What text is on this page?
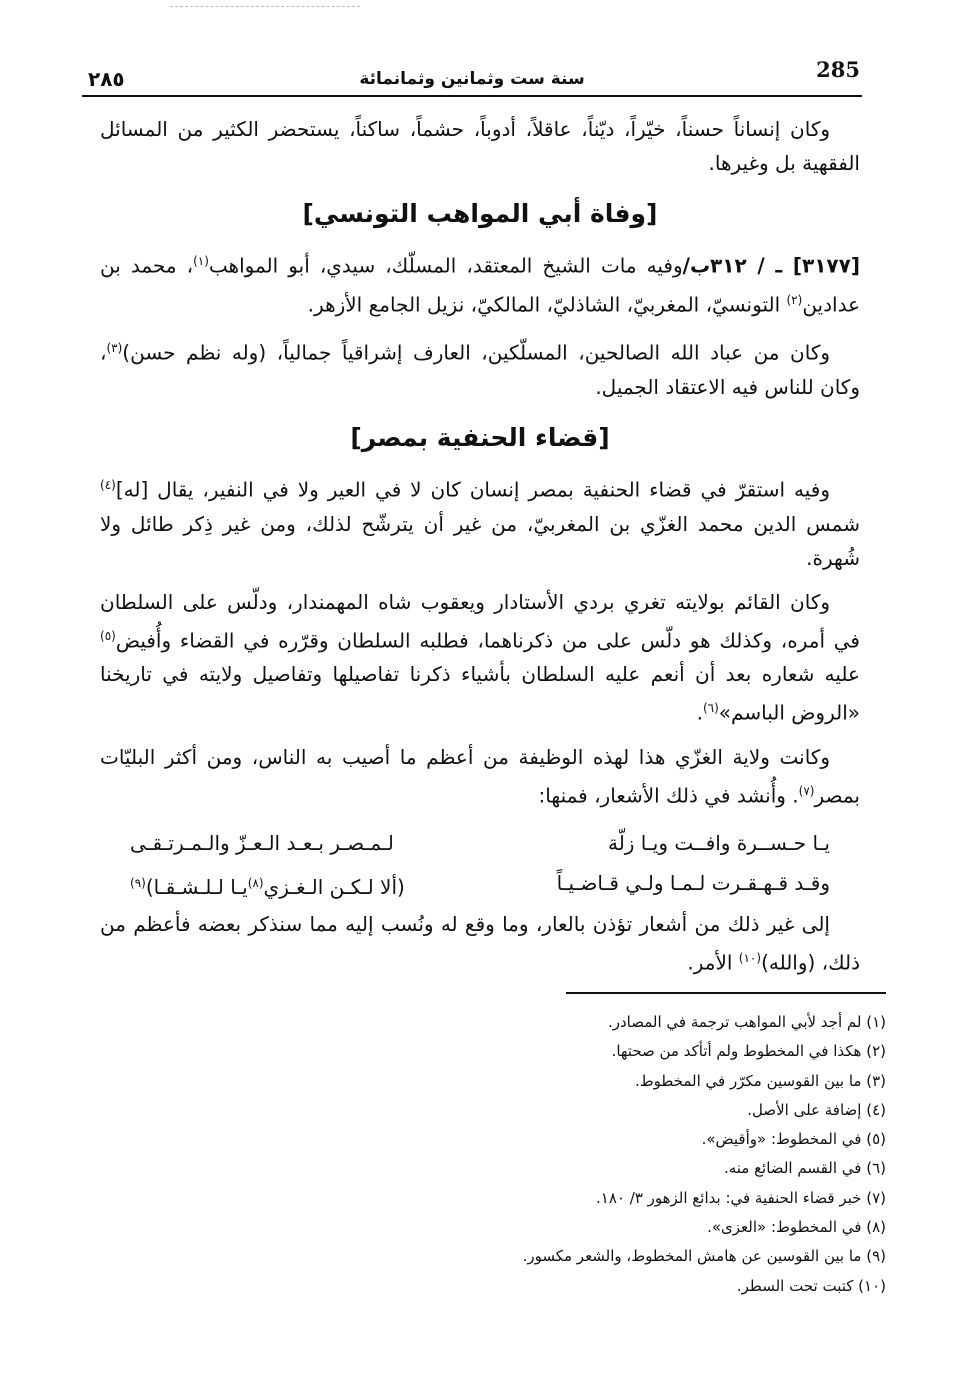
285
سنة ست وثمانين وثمانمائة
٢٨٥

وكان إنساناً حسناً، خيّراً، ديّناً، عاقلاً، أدوباً، حشماً، ساكناً، يستحضر الكثير من المسائل الفقهية بل وغيرها.

[وفاة أبي المواهب التونسي]

[٣١٧٧] ـ / ٣١٢ب/وفيه مات الشيخ المعتقد، المسلّك، سيدي، أبو المواهب$^{(١)}$، محمد بن عدادين$^{(٢)}$ التونسيّ، المغربيّ، الشاذليّ، المالكيّ، نزيل الجامع الأزهر.

وكان من عباد الله الصالحين، المسلّكين، العارف إشراقياً جمالياً، (وله نظم حسن)$^{(٣)}$، وكان للناس فيه الاعتقاد الجميل.

[قضاء الحنفية بمصر]

وفيه استقرّ في قضاء الحنفية بمصر إنسان كان لا في العير ولا في النفير، يقال [له]$^{(٤)}$ شمس الدين محمد الغزّي بن المغربيّ، من غير أن يترشّح لذلك، ومن غير ذِكر طائل ولا شُهرة.

وكان القائم بولايته تغري بردي الأستادار ويعقوب شاه المهمندار، ودلّس على السلطان في أمره، وكذلك هو دلّس على من ذكرناهما، فطلبه السلطان وقرّره في القضاء وأُفيض$^{(٥)}$ عليه شعاره بعد أن أنعم عليه السلطان بأشياء ذكرنا تفاصيلها وتفاصيل ولايته في تاريخنا «الروض الباسم»$^{(٦)}$.

وكانت ولاية الغزّي هذا لهذه الوظيفة من أعظم ما أصيب به الناس، ومن أكثر البليّات بمصر$^{(٧)}$. وأُنشد في ذلك الأشعار، فمنها:

يـا حـســرة وافــت ويـا زلّة
لـمـصـر بـعـد الـعـزّ والـمـرتـقـى
وقـد قـهـقـرت لـمـا ولـي قـاضـيـاً
(ألا لـكـن الـغـزي$^{(٨)}$يـا لـلـشـقـا)$^{(٩)}$

إلى غير ذلك من أشعار تؤذن بالعار، وما وقع له ونُسب إليه مما سنذكر بعضه فأعظم من ذلك، (والله)$^{(١٠)}$ الأمر.

(١) لم أجد لأبي المواهب ترجمة في المصادر.
(٢) هكذا في المخطوط ولم أتأكد من صحتها.
(٣) ما بين القوسين مكرّر في المخطوط.
(٤) إضافة على الأصل.
(٥) في المخطوط: «وأقيض».
(٦) في القسم الضائع منه.
(٧) خبر قضاء الحنفية في: بدائع الزهور ٣/ ١٨٠.
(٨) في المخطوط: «العزى».
(٩) ما بين القوسين عن هامش المخطوط، والشعر مكسور.
(١٠) كتبت تحت السطر.
